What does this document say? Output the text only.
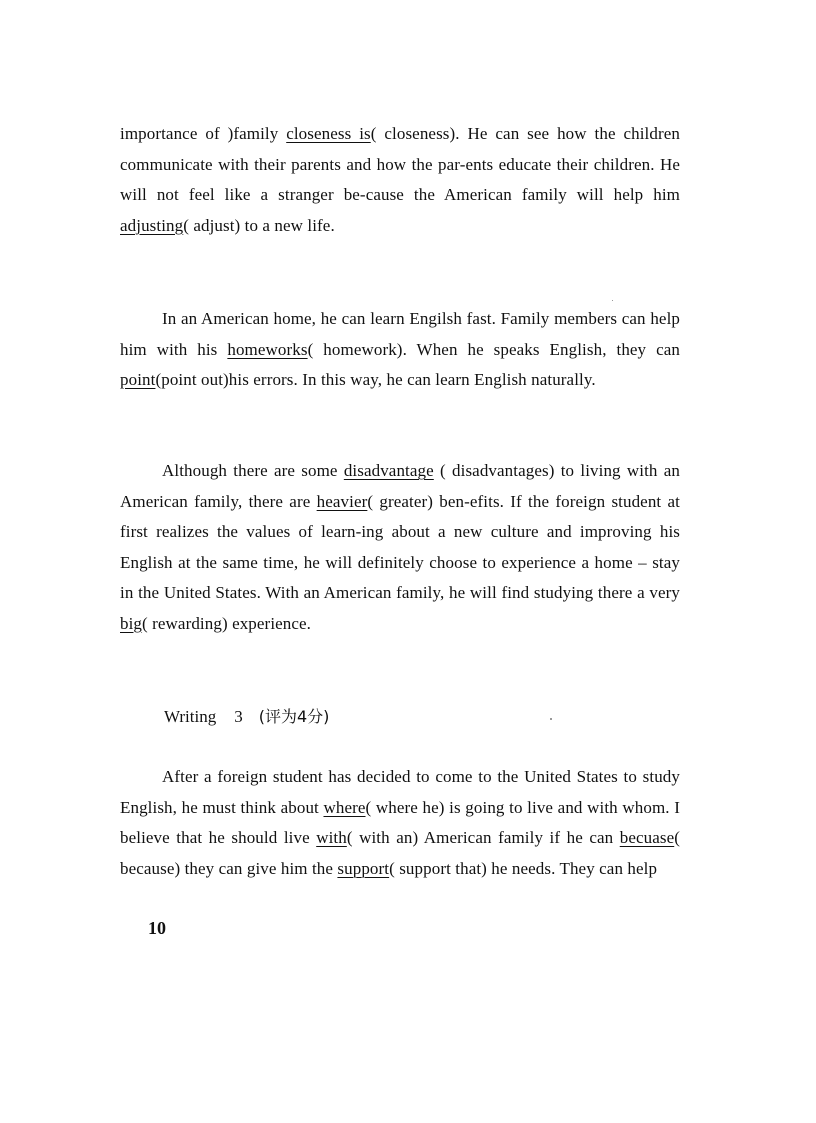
importance of )family closeness is( closeness). He can see how the children communicate with their parents and how the par-ents educate their children. He will not feel like a stranger be-cause the American family will help him adjusting( adjust) to a new life.
In an American home, he can learn Engilsh fast. Family members can help him with his homeworks( homework). When he speaks English, they can point(point out)his errors. In this way, he can learn English naturally.
Although there are some disadvantage ( disadvantages) to living with an American family, there are heavier( greater) ben-efits. If the foreign student at first realizes the values of learn-ing about a new culture and improving his English at the same time, he will definitely choose to experience a home – stay in the United States. With an American family, he will find studying there a very big( rewarding) experience.
Writing 3 (评为4分)
After a foreign student has decided to come to the United States to study English, he must think about where( where he) is going to live and with whom. I believe that he should live with( with an) American family if he can becuase( because) they can give him the support( support that) he needs. They can help
10
